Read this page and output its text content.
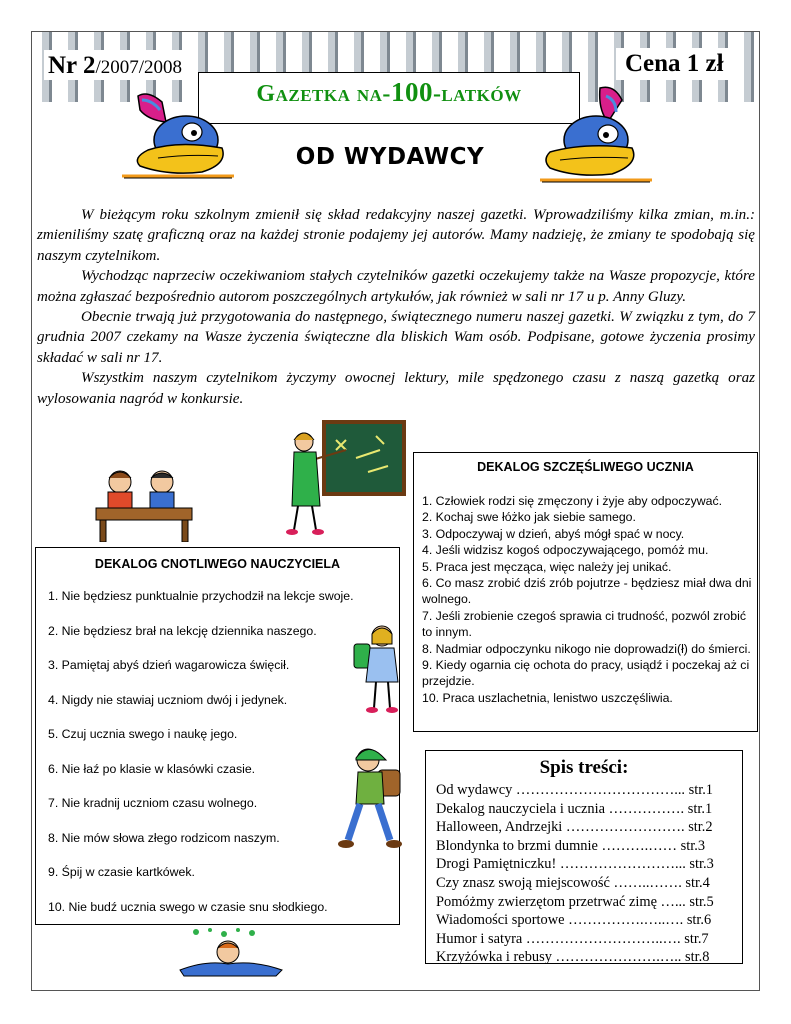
Nr 2/2007/2008	Cena 1 zł
Gazetka na-100-latków
OD WYDAWCY

W bieżącym roku szkolnym zmienił się skład redakcyjny naszej gazetki. Wprowadziliśmy kilka zmian, m.in.: zmieniliśmy szatę graficzną oraz na każdej stronie podajemy jej autorów. Mamy nadzieję, że zmiany te spodobają się naszym czytelnikom.

Wychodząc naprzeciw oczekiwaniom stałych czytelników gazetki oczekujemy także na Wasze propozycje, które można zgłaszać bezpośrednio autorom poszczególnych artykułów, jak również w sali nr 17 u p. Anny Gluzy.

Obecnie trwają już przygotowania do następnego, świątecznego numeru naszej gazetki. W związku z tym, do 7 grudnia 2007 czekamy na Wasze życzenia świąteczne dla bliskich Wam osób. Podpisane, gotowe życzenia prosimy składać w sali nr 17.

Wszystkim naszym czytelnikom życzymy owocnej lektury, mile spędzonego czasu z naszą gazetką oraz wylosowania nagród w konkursie.

DEKALOG SZCZĘŚLIWEGO UCZNIA
1. Człowiek rodzi się zmęczony i żyje aby odpoczywać.
2. Kochaj swe łóżko jak siebie samego.
3. Odpoczywaj w dzień, abyś mógł spać w nocy.
4. Jeśli widzisz kogoś odpoczywającego, pomóż mu.
5. Praca jest męcząca, więc należy jej unikać.
6. Co masz zrobić dziś zrób pojutrze - będziesz miał dwa dni wolnego.
7. Jeśli zrobienie czegoś sprawia ci trudność, pozwól zrobić to innym.
8. Nadmiar odpoczynku nikogo nie doprowadzi(ł) do śmierci.
9. Kiedy ogarnia cię ochota do pracy, usiądź i poczekaj aż ci przejdzie.
10. Praca uszlachetnia, lenistwo uszczęśliwia.
DEKALOG CNOTLIWEGO NAUCZYCIELA
1. Nie będziesz punktualnie przychodził na lekcje swoje.
2. Nie będziesz brał na lekcję dziennika naszego.
3. Pamiętaj abyś dzień wagarowicza święcił.
4. Nigdy nie stawiaj uczniom dwój i jedynek.
5. Czuj ucznia swego i naukę jego.
6. Nie łaź po klasie w klasówki czasie.
7. Nie kradnij uczniom czasu wolnego.
8. Nie mów słowa złego rodzicom naszym.
9. Śpij w czasie kartkówek.
10. Nie budź ucznia swego w czasie snu słodkiego.
Spis treści:
Od wydawcy ……………………………... str.1
Dekalog nauczyciela i ucznia ……………. str.1
Halloween, Andrzejki ……………………. str.2
Blondynka to brzmi dumnie ……….…… str.3
Drogi Pamiętniczku! ……………………... str.3
Czy znasz swoją miejscowość ……..……. str.4
Pomóżmy zwierzętom przetrwać zimę …... str.5
Wiadomości sportowe …………….…..…. str.6
Humor i satyra ………………………..…. str.7
Krzyżówka i rebusy ………………….….. str.8
